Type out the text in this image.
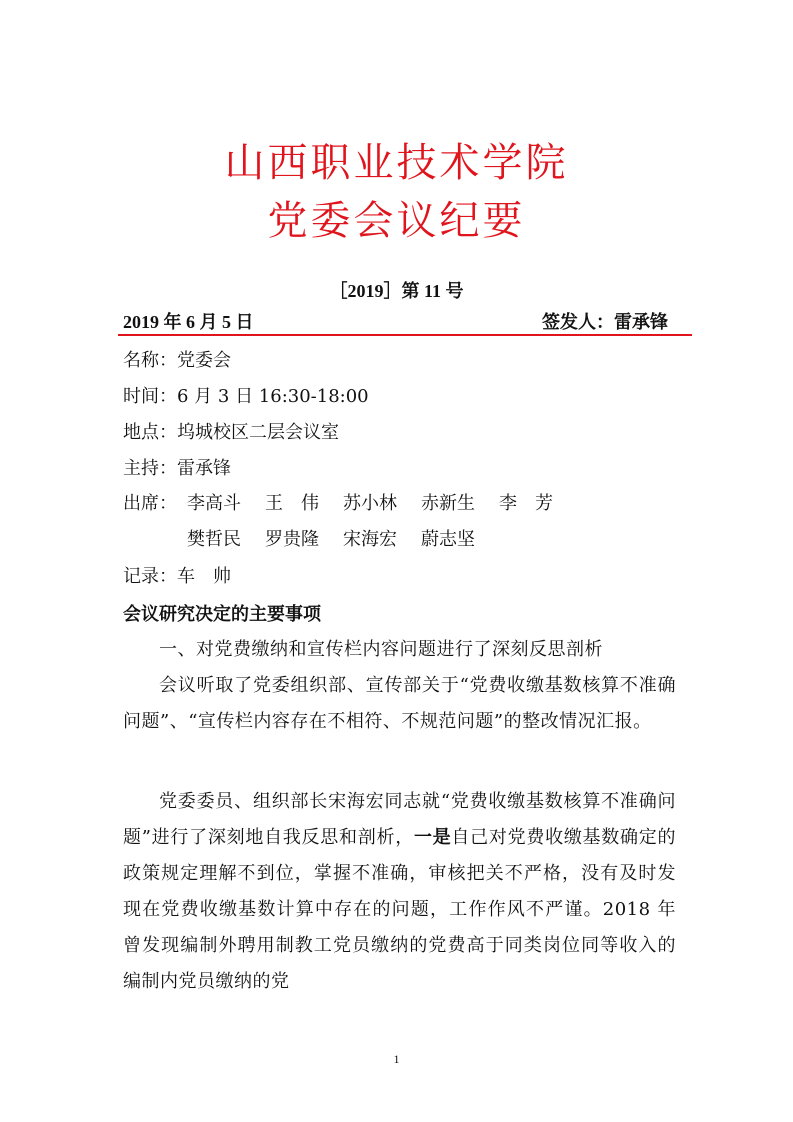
山西职业技术学院
党委会议纪要
［2019］第 11 号
2019 年 6 月 5 日	签发人：雷承锋
名称：党委会
时间：6 月 3 日 16:30-18:00
地点：坞城校区二层会议室
主持：雷承锋
出席： 李高斗 王　伟 苏小林 赤新生 李　芳
樊哲民 罗贵隆 宋海宏 蔚志坚
记录：车　帅
会议研究决定的主要事项
一、对党费缴纳和宣传栏内容问题进行了深刻反思剖析
会议听取了党委组织部、宣传部关于“党费收缴基数核算不准确问题”、“宣传栏内容存在不相符、不规范问题”的整改情况汇报。
党委委员、组织部长宋海宏同志就“党费收缴基数核算不准确问题”进行了深刻地自我反思和剖析，一是自己对党费收缴基数确定的政策规定理解不到位，掌握不准确，审核把关不严格，没有及时发现在党费收缴基数计算中存在的问题，工作作风不严谨。2018 年曾发现编制外聘用制教工党员缴纳的党费高于同类岗位同等收入的编制内党员缴纳的党
1
